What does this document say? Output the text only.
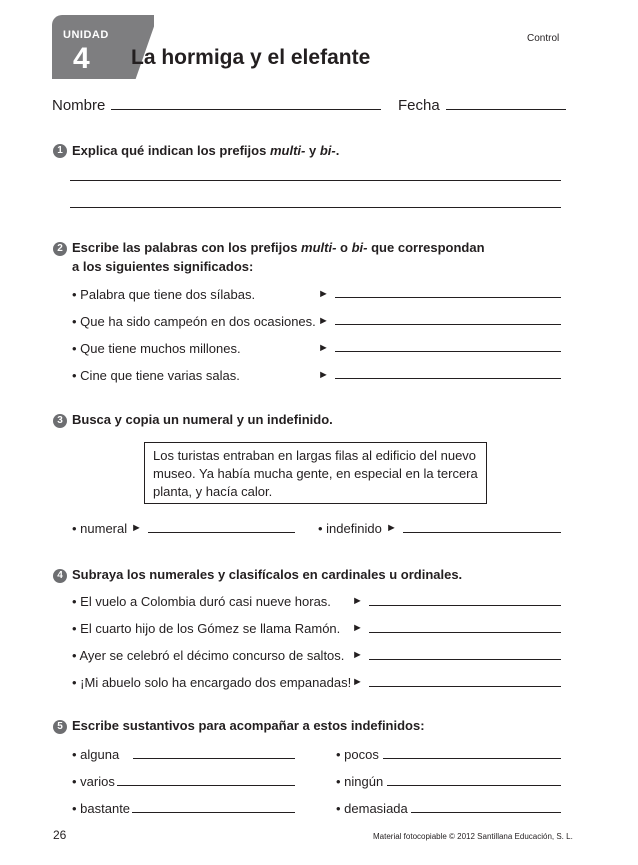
UNIDAD
4 La hormiga y el elefante
Control
Nombre	Fecha
1 Explica qué indican los prefijos multi- y bi-.
2 Escribe las palabras con los prefijos multi- o bi- que correspondan
a los siguientes significados:
• Palabra que tiene dos sílabas.	►
• Que ha sido campeón en dos ocasiones. ►
• Que tiene muchos millones.	►
• Cine que tiene varias salas.	►
3 Busca y copia un numeral y un indefinido.
Los turistas entraban en largas filas al edificio del nuevo
museo. Ya había mucha gente, en especial en la tercera
planta, y hacía calor.
• numeral ►	• indefinido ►
4 Subraya los numerales y clasifícalos en cardinales u ordinales.
• El vuelo a Colombia duró casi nueve horas. ►
• El cuarto hijo de los Gómez se llama Ramón. ►
• Ayer se celebró el décimo concurso de saltos. ►
• ¡Mi abuelo solo ha encargado dos empanadas! ►
5 Escribe sustantivos para acompañar a estos indefinidos:
• alguna	• pocos
• varios	• ningún
• bastante	• demasiada
26	Material fotocopiable © 2012 Santillana Educación, S. L.
